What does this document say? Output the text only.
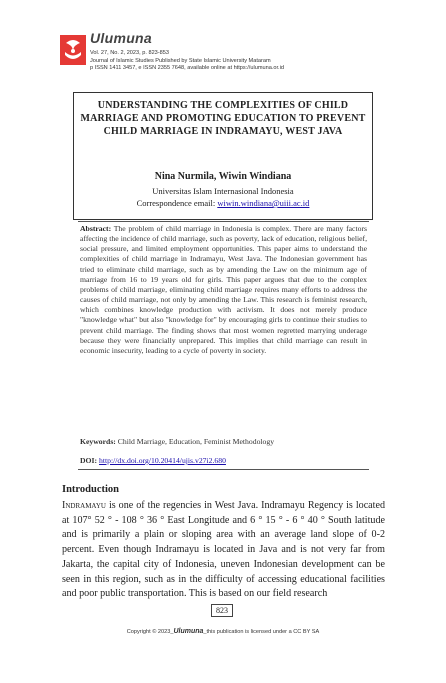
Ulumuna
Vol. 27, No. 2, 2023, p. 823-853
Journal of Islamic Studies Published by State Islamic University Mataram
p ISSN 1411 3457, e ISSN 2355 7648, available online at https://ulumuna.or.id
UNDERSTANDING THE COMPLEXITIES OF CHILD MARRIAGE AND PROMOTING EDUCATION TO PREVENT CHILD MARRIAGE IN INDRAMAYU, WEST JAVA
Nina Nurmila, Wiwin Windiana
Universitas Islam Internasional Indonesia
Correspondence email: wiwin.windiana@uiii.ac.id
Abstract: The problem of child marriage in Indonesia is complex. There are many factors affecting the incidence of child marriage, such as poverty, lack of education, religious belief, social pressure, and limited employment opportunities. This paper aims to understand the complexities of child marriage in Indramayu, West Java. The Indonesian government has tried to eliminate child marriage, such as by amending the Law on the minimum age of marriage from 16 to 19 years old for girls. This paper argues that due to the complex problems of child marriage, eliminating child marriage requires many efforts to address the causes of child marriage, not only by amending the Law. This research is feminist research, which combines knowledge production with activism. It does not merely produce "knowledge what" but also "knowledge for" by encouraging girls to continue their studies to prevent child marriage. The finding shows that most women regretted marrying underage because they were financially unprepared. This implies that child marriage can result in economic insecurity, leading to a cycle of poverty in society.
Keywords: Child Marriage, Education, Feminist Methodology
DOI: http://dx.doi.org/10.20414/ujis.v27i2.680
Introduction
Indramayu is one of the regencies in West Java. Indramayu Regency is located at 107° 52 ° - 108 ° 36 ° East Longitude and 6 ° 15 ° - 6 ° 40 ° South latitude and is primarily a plain or sloping area with an average land slope of 0-2 percent. Even though Indramayu is located in Java and is not very far from Jakarta, the capital city of Indonesia, uneven Indonesian development can be seen in this region, such as in the difficulty of accessing educational facilities and poor public transportation. This is based on our field research
823
Copyright © 2023_Ulumuna_this publication is licensed under a CC BY SA
